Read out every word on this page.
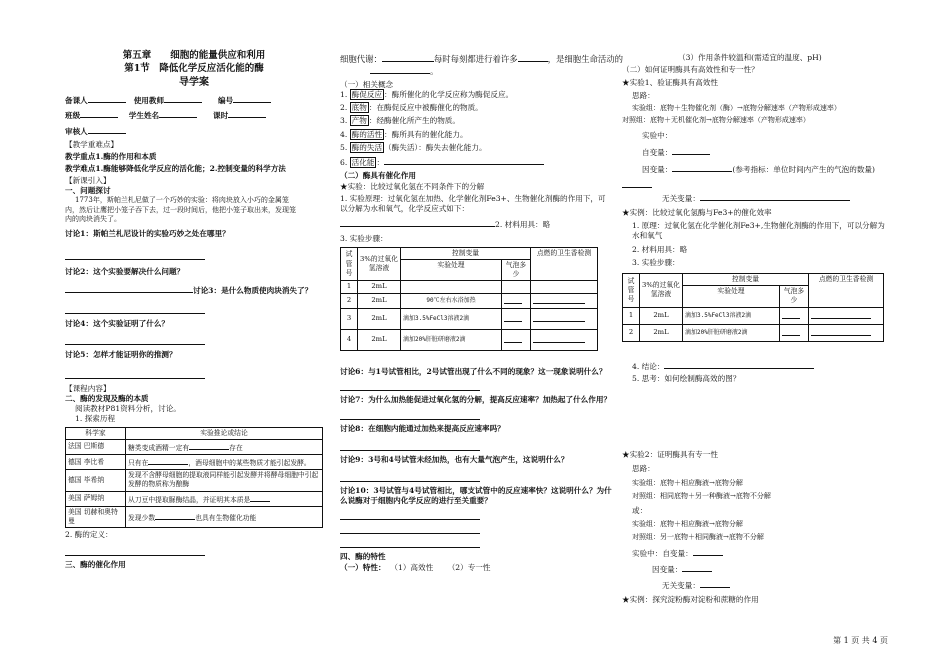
第五章　　细胞的能量供应和利用
第1节　降低化学反应活化能的酶
导学案
备课人	使用教师	编号
班级	学生姓名	课时
审核人
【教学重难点】
教学重点1.酶的作用和本质
教学难点1.酶能够降低化学反应的活化能；2.控制变量的科学方法
【新课引入】
一、问题探讨
1773年，斯帕兰札尼做了一个巧妙的实验：将肉块放入小巧的金属笼
内，然后让鹰把小笼子吞下去，过一段时间后，他把小笼子取出来，发现笼
内的肉块消失了。
讨论1：斯帕兰札尼设计的实验巧妙之处在哪里？
讨论2：这个实验要解决什么问题？
讨论3：是什么物质使肉块消失了？
讨论4：这个实验证明了什么？
讨论5：怎样才能证明你的推测？
【课程内容】
二、酶的发现及酶的本质
阅读教材P81资料分析，讨论。
1. 探索历程
科学家	实验推论或结论
法国 巴斯德	糖类变成酒精一定有 存在
德国 李比希	只有在 ，酒母细胞中的某些物质才能引起发酵。
德国 毕希纳	发现不含酵母细胞的提取液同样能引起发酵并将酵母细胞中引起发酵的物质称为酿酶
美国 萨姆纳	从刀豆中提取脲酶结晶，并证明其本质是
美国 切赫和奥特曼	发现少数 也具有生物催化功能
2. 酶的定义：
三、酶的催化作用
细胞代谢：	每时每刻都进行着许多	，是细胞生命活动的
。
（一）相关概念
1. 酶促反应 ：酶所催化的化学反应称为酶促反应。
2. 底物 ：在酶促反应中被酶催化的物质。
3. 产物 ：经酶催化所产生的物质。
4. 酶的活性 ：酶所具有的催化能力。
5. 酶的失活 （酶失活）：酶失去催化能力。
6. 活化能 ：
（二）酶具有催化作用
★实验：比较过氧化氢在不同条件下的分解
1. 实验原理：过氧化氢在加热、化学催化剂Fe3+、生物催化剂酶的作用下，可以分解为水和氧气，化学反应式如下：
2. 材料用具：略
3. 实验步骤：
试管号	3%的过氧化氢溶液	控制变量		点燃的卫生香检测
		实验处理	气泡多少	
1	2mL			
2	2mL	90℃左右水浴加热		
3	2mL	滴加3.5%FeCl3溶液2滴		
4	2mL	滴加20%肝脏研磨液2滴		
讨论6：与1号试管相比，2号试管出现了什么不同的现象？这一现象说明什么？
讨论7：为什么加热能促进过氧化氢的分解，提高反应速率？加热起了什么作用？
讨论8：在细胞内能通过加热来提高反应速率吗？
讨论9：3号和4号试管未经加热，也有大量气泡产生，这说明什么？
讨论10：3号试管与4号试管相比，哪支试管中的反应速率快？这说明什么？为什么说酶对于细胞内化学反应的进行至关重要？
四、酶的特性
（一）特性： （1）高效性 （2）专一性
（3）作用条件较温和(需适宜的温度、pH)
（二）如何证明酶具有高效性和专一性？
★实验1、验证酶具有高效性
思路：
实验组：底物＋生物催化剂（酶）→底物分解速率（产物形成速率）
对照组：底物＋无机催化剂→底物分解速率（产物形成速率）
实验中：
自变量：
因变量：	(参考指标：单位时间内产生的气泡的数量)
无关变量：
★实例：比较过氧化氢酶与Fe3+的催化效率
1. 原理：过氧化氢在化学催化剂Fe3+,生物催化剂酶的作用下，可以分解为水和氧气
2. 材料用具：略
3. 实验步骤：
试管号	3%的过氧化氢溶液	控制变量		点燃的卫生香检测
		实验处理	气泡多少	
1	2mL	滴加3.5%FeCl3溶液2滴		
2	2mL	滴加20%肝脏研磨液2滴		
4. 结论：
5. 思考：如何绘制酶高效的图？
★实验2：证明酶具有专一性
思路：
实验组：底物＋相应酶液→底物分解
对照组：相同底物＋另一种酶液→底物不分解
或：
实验组：底物＋相应酶液→底物分解
对照组：另一底物＋相同酶液→底物不分解
实验中：自变量：
因变量：
无关变量：
★实例：探究淀粉酶对淀粉和蔗糖的作用
第 1 页 共 4 页
